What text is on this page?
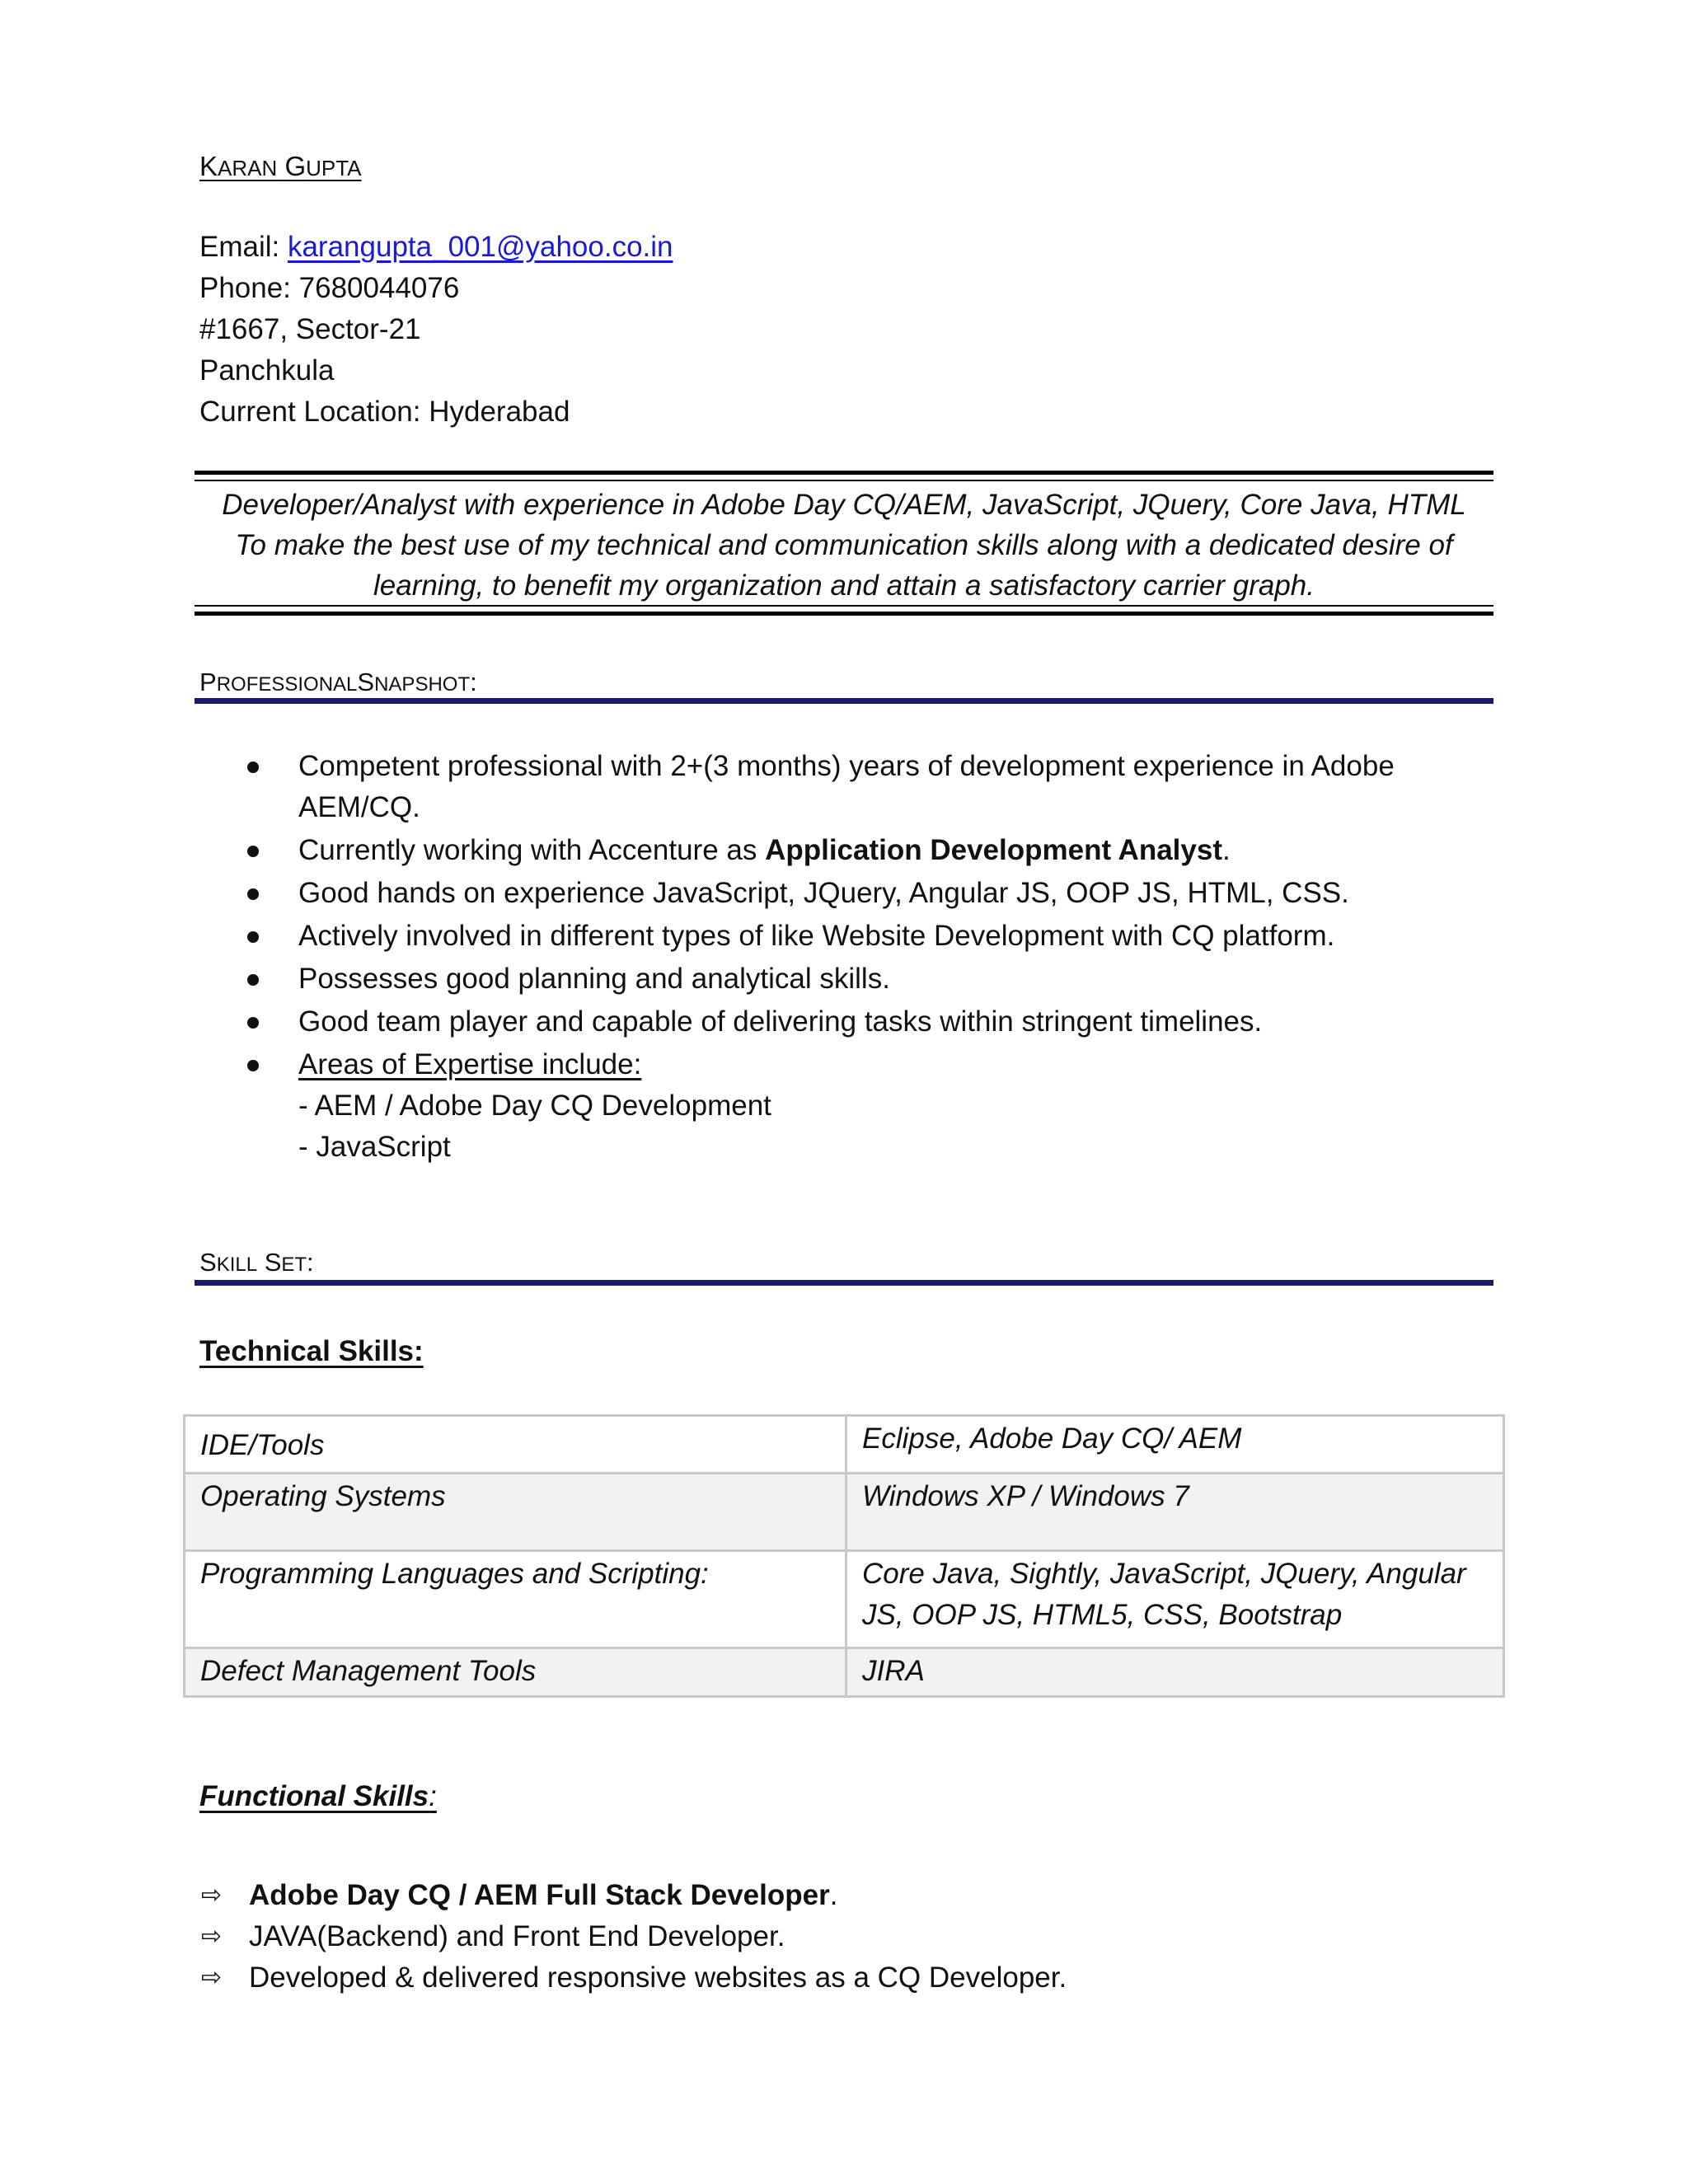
KARAN GUPTA
Email: karangupta_001@yahoo.co.in
Phone: 7680044076
#1667, Sector-21
Panchkula
Current Location: Hyderabad
Developer/Analyst with experience in Adobe Day CQ/AEM, JavaScript, JQuery, Core Java, HTML
To make the best use of my technical and communication skills along with a dedicated desire of
learning, to benefit my organization and attain a satisfactory carrier graph.
PROFESSIONALSNAPSHOT:
Competent professional with 2+(3 months) years of development experience in Adobe AEM/CQ.
Currently working with Accenture as Application Development Analyst.
Good hands on experience JavaScript, JQuery, Angular JS, OOP JS, HTML, CSS.
Actively involved in different types of like Website Development with CQ platform.
Possesses good planning and analytical skills.
Good team player and capable of delivering tasks within stringent timelines.
Areas of Expertise include:
- AEM / Adobe Day CQ Development
- JavaScript
SKILL SET:
Technical Skills:
IDE/Tools	Eclipse, Adobe Day CQ/ AEM
Operating Systems	Windows XP / Windows 7
Programming Languages and Scripting:	Core Java, Sightly, JavaScript, JQuery, Angular JS, OOP JS, HTML5, CSS, Bootstrap
Defect Management Tools	JIRA
Functional Skills:
⇨ Adobe Day CQ / AEM Full Stack Developer.
⇨ JAVA(Backend) and Front End Developer.
⇨ Developed & delivered responsive websites as a CQ Developer.
